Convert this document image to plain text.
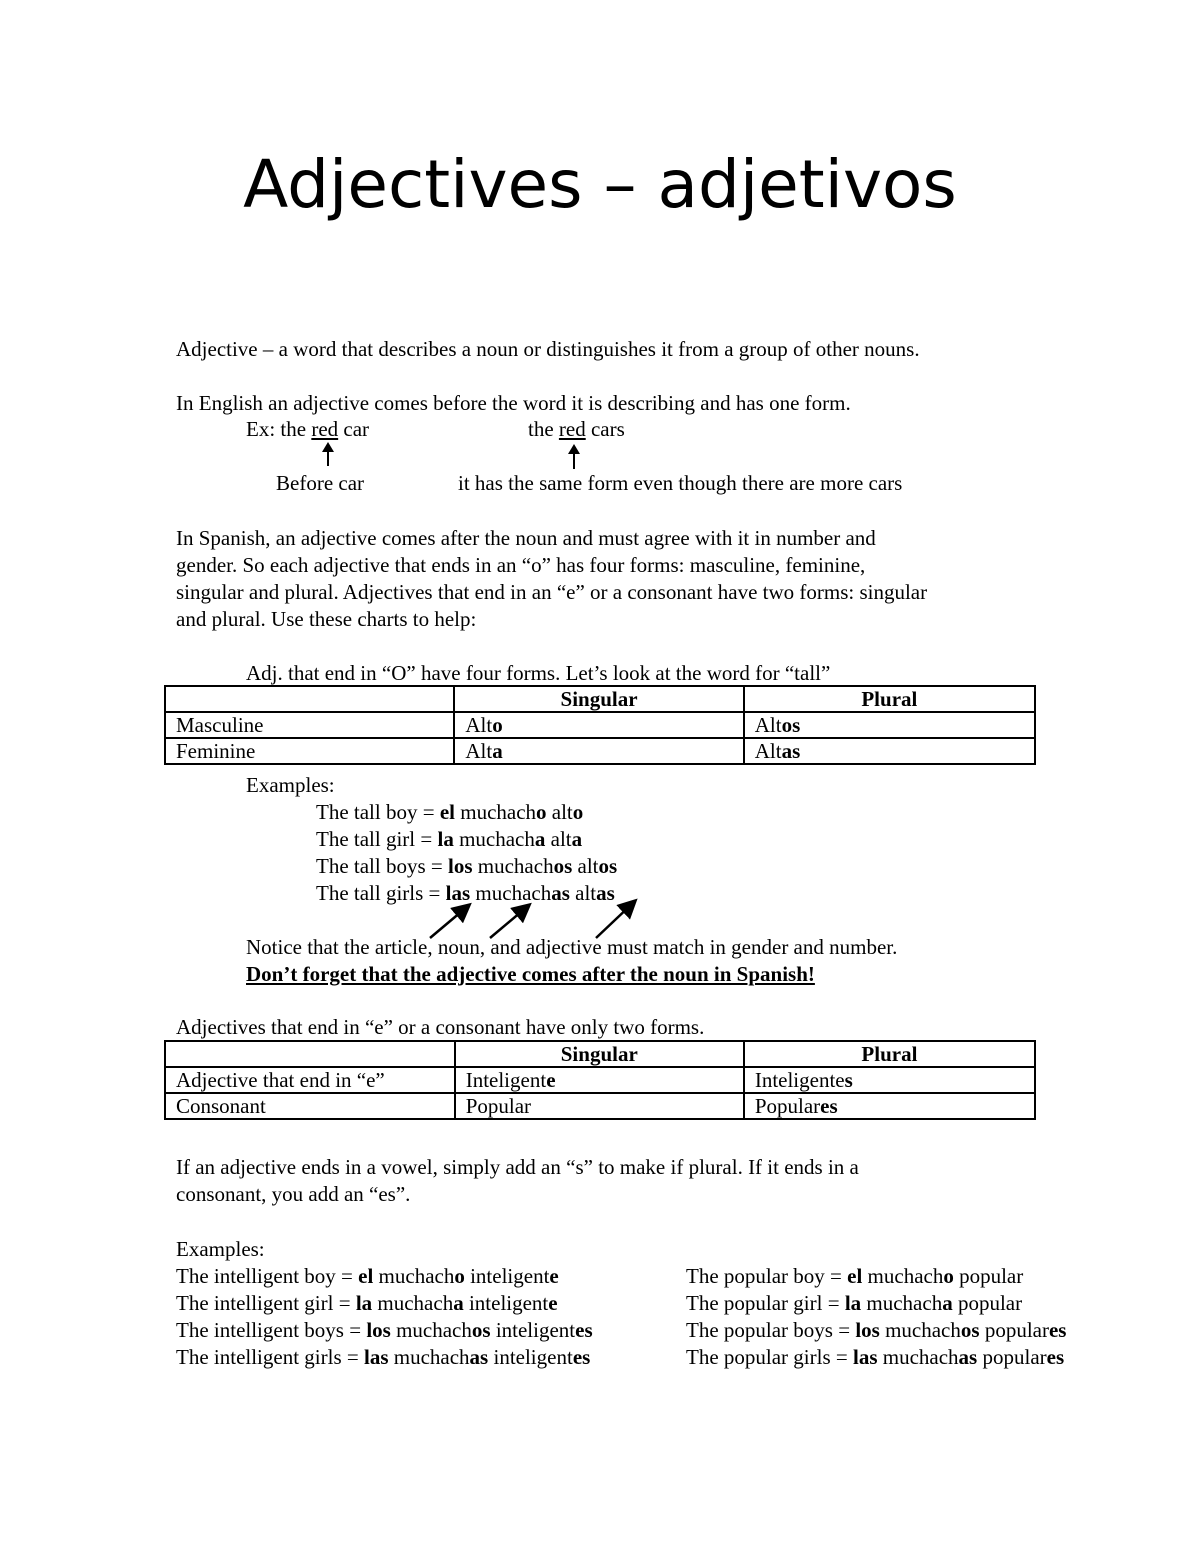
Adjectives – adjetivos
Adjective – a word that describes a noun or distinguishes it from a group of other nouns.
In English an adjective comes before the word it is describing and has one form.
Ex: the red car	the red cars
Before car	it has the same form even though there are more cars
In Spanish, an adjective comes after the noun and must agree with it in number and
gender. So each adjective that ends in an “o” has four forms: masculine, feminine,
singular and plural. Adjectives that end in an “e” or a consonant have two forms: singular
and plural. Use these charts to help:
Adj. that end in “O” have four forms. Let’s look at the word for “tall”
	Singular	Plural
Masculine	Alto	Altos
Feminine	Alta	Altas
Examples:
The tall boy = el muchacho alto
The tall girl = la muchacha alta
The tall boys = los muchachos altos
The tall girls = las muchachas altas
Notice that the article, noun, and adjective must match in gender and number.
Don’t forget that the adjective comes after the noun in Spanish!
Adjectives that end in “e” or a consonant have only two forms.
	Singular	Plural
Adjective that end in “e”	Inteligente	Inteligentes
Consonant	Popular	Populares
If an adjective ends in a vowel, simply add an “s” to make if plural. If it ends in a
consonant, you add an “es”.
Examples:
The intelligent boy = el muchacho inteligente
The intelligent girl = la muchacha inteligente
The intelligent boys = los muchachos inteligentes
The intelligent girls = las muchachas inteligentes
The popular boy = el muchacho popular
The popular girl = la muchacha popular
The popular boys = los muchachos populares
The popular girls = las muchachas populares
